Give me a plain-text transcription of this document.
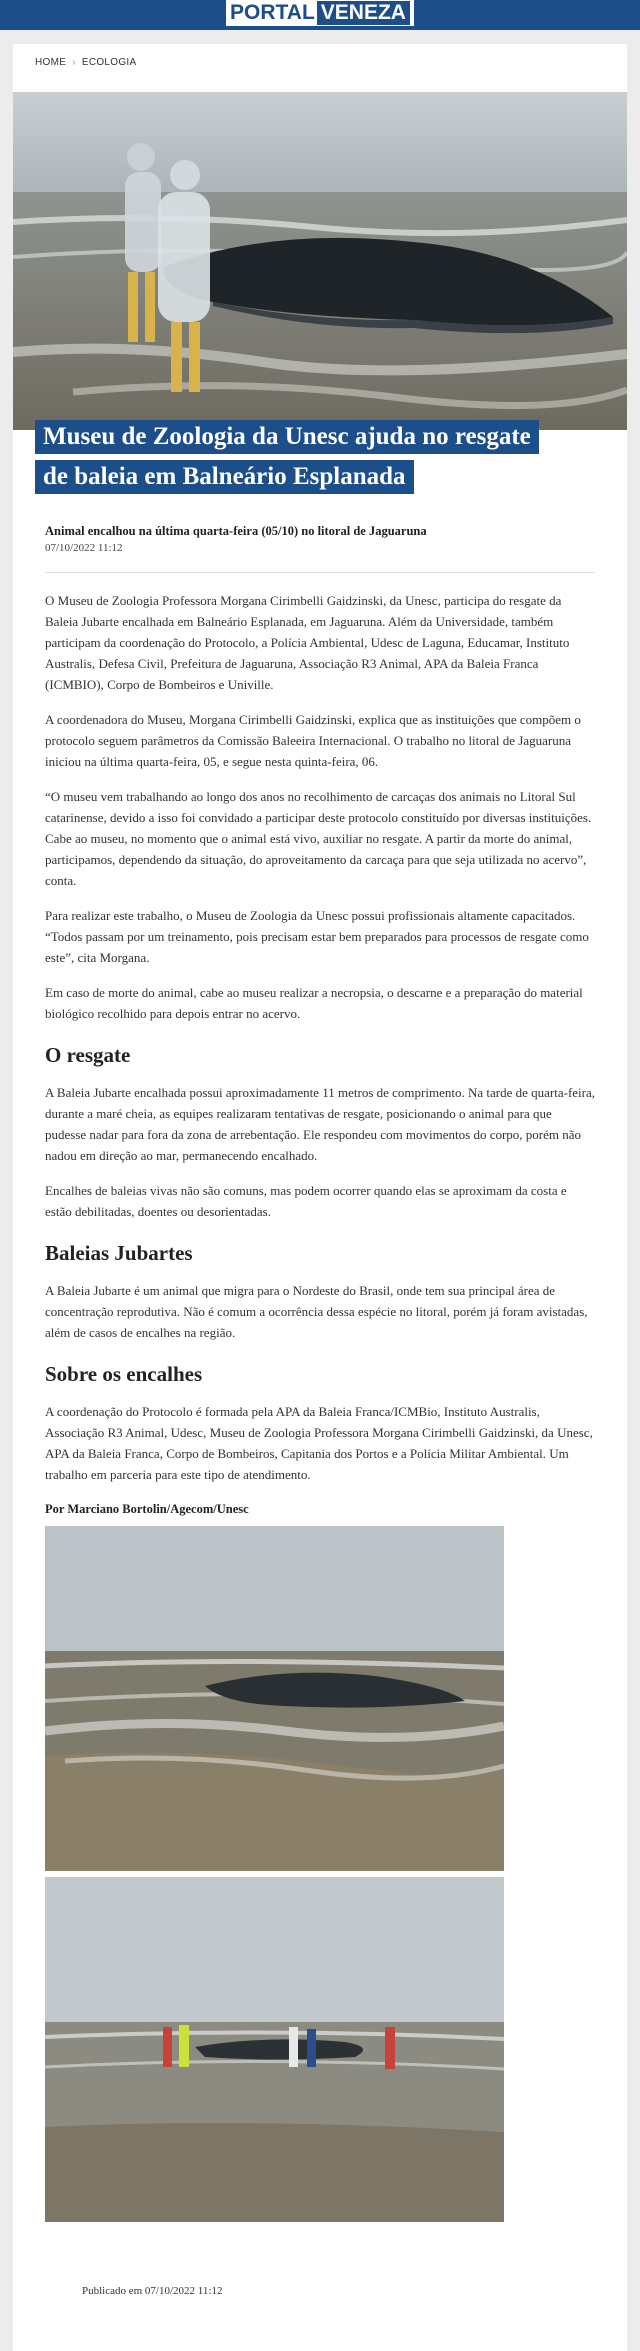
PORTAL VENEZA
HOME › ECOLOGIA
Museu de Zoologia da Unesc ajuda no resgate
de baleia em Balneário Esplanada
Animal encalhou na última quarta-feira (05/10) no litoral de Jaguaruna
07/10/2022 11:12

O Museu de Zoologia Professora Morgana Cirimbelli Gaidzinski, da Unesc, participa do resgate da Baleia Jubarte encalhada em Balneário Esplanada, em Jaguaruna. Além da Universidade, também participam da coordenação do Protocolo, a Polícia Ambiental, Udesc de Laguna, Educamar, Instituto Australis, Defesa Civil, Prefeitura de Jaguaruna, Associação R3 Animal, APA da Baleia Franca (ICMBIO), Corpo de Bombeiros e Univille.

A coordenadora do Museu, Morgana Cirimbelli Gaidzinski, explica que as instituições que compõem o protocolo seguem parâmetros da Comissão Baleeira Internacional. O trabalho no litoral de Jaguaruna iniciou na última quarta-feira, 05, e segue nesta quinta-feira, 06.

“O museu vem trabalhando ao longo dos anos no recolhimento de carcaças dos animais no Litoral Sul catarinense, devido a isso foi convidado a participar deste protocolo constituído por diversas instituições. Cabe ao museu, no momento que o animal está vivo, auxiliar no resgate. A partir da morte do animal, participamos, dependendo da situação, do aproveitamento da carcaça para que seja utilizada no acervo”, conta.

Para realizar este trabalho, o Museu de Zoologia da Unesc possui profissionais altamente capacitados. “Todos passam por um treinamento, pois precisam estar bem preparados para processos de resgate como este”, cita Morgana.

Em caso de morte do animal, cabe ao museu realizar a necropsia, o descarne e a preparação do material biológico recolhido para depois entrar no acervo.

O resgate

A Baleia Jubarte encalhada possui aproximadamente 11 metros de comprimento. Na tarde de quarta-feira, durante a maré cheia, as equipes realizaram tentativas de resgate, posicionando o animal para que pudesse nadar para fora da zona de arrebentação. Ele respondeu com movimentos do corpo, porém não nadou em direção ao mar, permanecendo encalhado.

Encalhes de baleias vivas não são comuns, mas podem ocorrer quando elas se aproximam da costa e estão debilitadas, doentes ou desorientadas.

Baleias Jubartes

A Baleia Jubarte é um animal que migra para o Nordeste do Brasil, onde tem sua principal área de concentração reprodutiva. Não é comum a ocorrência dessa espécie no litoral, porém já foram avistadas, além de casos de encalhes na região.

Sobre os encalhes

A coordenação do Protocolo é formada pela APA da Baleia Franca/ICMBio, Instituto Australis, Associação R3 Animal, Udesc, Museu de Zoologia Professora Morgana Cirimbelli Gaidzinski, da Unesc, APA da Baleia Franca, Corpo de Bombeiros, Capitania dos Portos e a Polícia Militar Ambiental. Um trabalho em parceria para este tipo de atendimento.

Por Marciano Bortolin/Agecom/Unesc
Publicado em 07/10/2022 11:12
